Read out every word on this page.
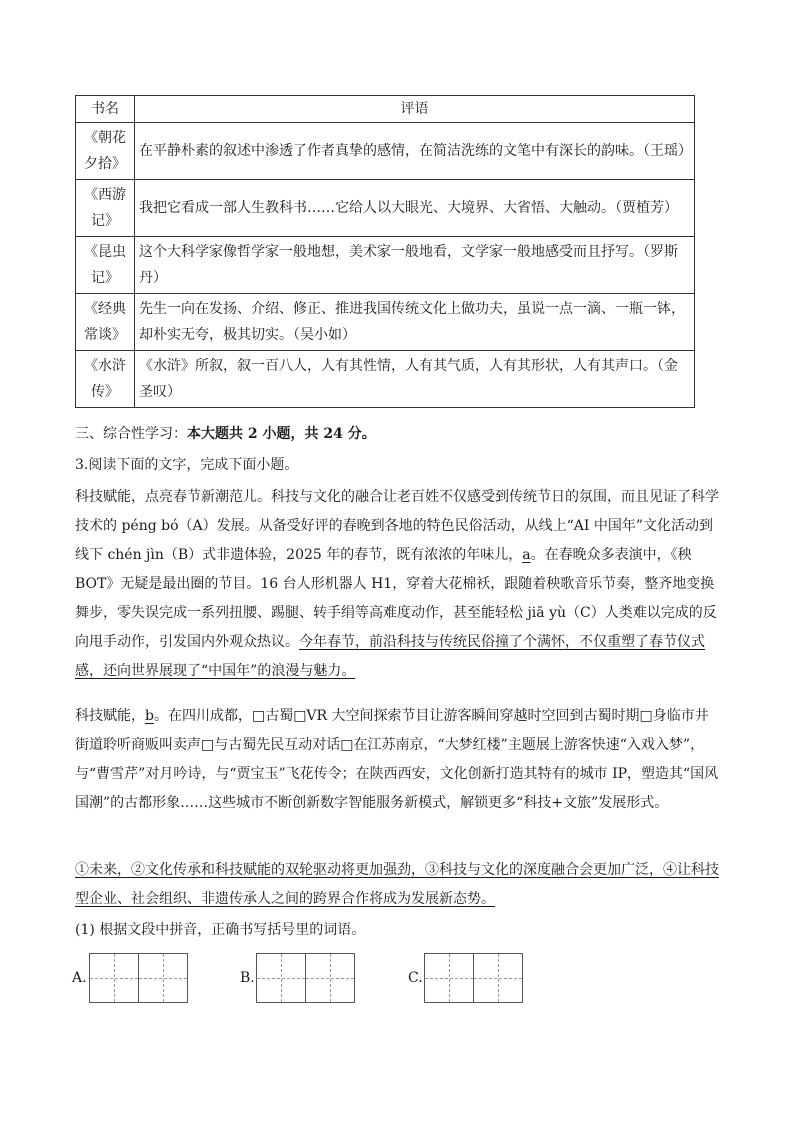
书名	评语
《朝花夕拾》	在平静朴素的叙述中渗透了作者真挚的感情，在简洁洗练的文笔中有深长的韵味。（王瑶）
《西游记》	我把它看成一部人生教科书……它给人以大眼光、大境界、大省悟、大触动。（贾植芳）
《昆虫记》	这个大科学家像哲学家一般地想，美术家一般地看，文学家一般地感受而且抒写。（罗斯丹）
《经典常谈》	先生一向在发扬、介绍、修正、推进我国传统文化上做功夫，虽说一点一滴、一瓶一钵，却朴实无夸，极其切实。（吴小如）
《水浒传》	《水浒》所叙，叙一百八人，人有其性情，人有其气质，人有其形状，人有其声口。（金圣叹）
三、综合性学习：本大题共 2 小题，共 24 分。
3.阅读下面的文字，完成下面小题。
科技赋能，点亮春节新潮范儿。科技与文化的融合让老百姓不仅感受到传统节日的氛围，而且见证了科学技术的 péng bó（A）发展。从备受好评的春晚到各地的特色民俗活动，从线上“AI 中国年”文化活动到线下 chén jìn（B）式非遗体验，2025 年的春节，既有浓浓的年味儿，a。在春晚众多表演中，《秧 BOT》无疑是最出圈的节目。16 台人形机器人 H1，穿着大花棉袄，跟随着秧歌音乐节奏，整齐地变换舞步，零失误完成一系列扭腰、踢腿、转手绢等高难度动作，甚至能轻松 jiā yù（C）人类难以完成的反向甩手动作，引发国内外观众热议。今年春节，前沿科技与传统民俗撞了个满怀，不仅重塑了春节仪式感，还向世界展现了“中国年”的浪漫与魅力。
科技赋能，b。在四川成都，□古蜀□VR 大空间探索节目让游客瞬间穿越时空回到古蜀时期□身临市井街道聆听商贩叫卖声□与古蜀先民互动对话□在江苏南京，“大梦红楼”主题展上游客快速“入戏入梦”，与“曹雪芹”对月吟诗，与“贾宝玉”飞花传令；在陕西西安，文化创新打造其特有的城市 IP，塑造其“国风国潮”的古都形象……这些城市不断创新数字智能服务新模式，解锁更多“科技+文旅”发展形式。
①未来，②文化传承和科技赋能的双轮驱动将更加强劲，③科技与文化的深度融合会更加广泛，④让科技型企业、社会组织、非遗传承人之间的跨界合作将成为发展新态势。
(1) 根据文段中拼音，正确书写括号里的词语。
A.	B.	C.
